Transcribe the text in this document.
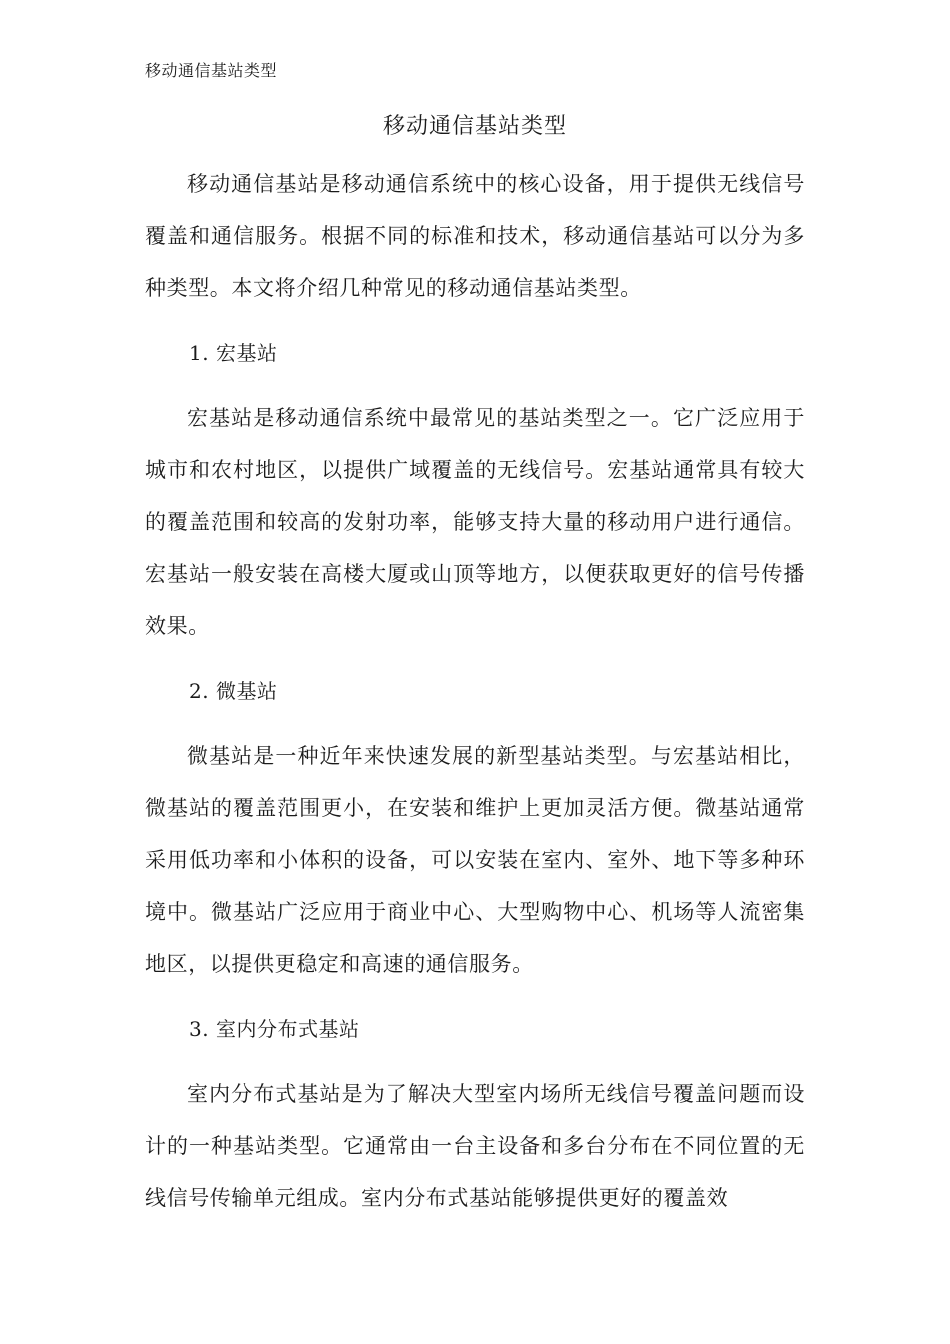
移动通信基站类型
移动通信基站类型

移动通信基站是移动通信系统中的核心设备，用于提供无线信号覆盖和通信服务。根据不同的标准和技术，移动通信基站可以分为多种类型。本文将介绍几种常见的移动通信基站类型。

1. 宏基站

宏基站是移动通信系统中最常见的基站类型之一。它广泛应用于城市和农村地区，以提供广域覆盖的无线信号。宏基站通常具有较大的覆盖范围和较高的发射功率，能够支持大量的移动用户进行通信。宏基站一般安装在高楼大厦或山顶等地方，以便获取更好的信号传播效果。

2. 微基站

微基站是一种近年来快速发展的新型基站类型。与宏基站相比，微基站的覆盖范围更小，在安装和维护上更加灵活方便。微基站通常采用低功率和小体积的设备，可以安装在室内、室外、地下等多种环境中。微基站广泛应用于商业中心、大型购物中心、机场等人流密集地区，以提供更稳定和高速的通信服务。

3. 室内分布式基站

室内分布式基站是为了解决大型室内场所无线信号覆盖问题而设计的一种基站类型。它通常由一台主设备和多台分布在不同位置的无线信号传输单元组成。室内分布式基站能够提供更好的覆盖效
